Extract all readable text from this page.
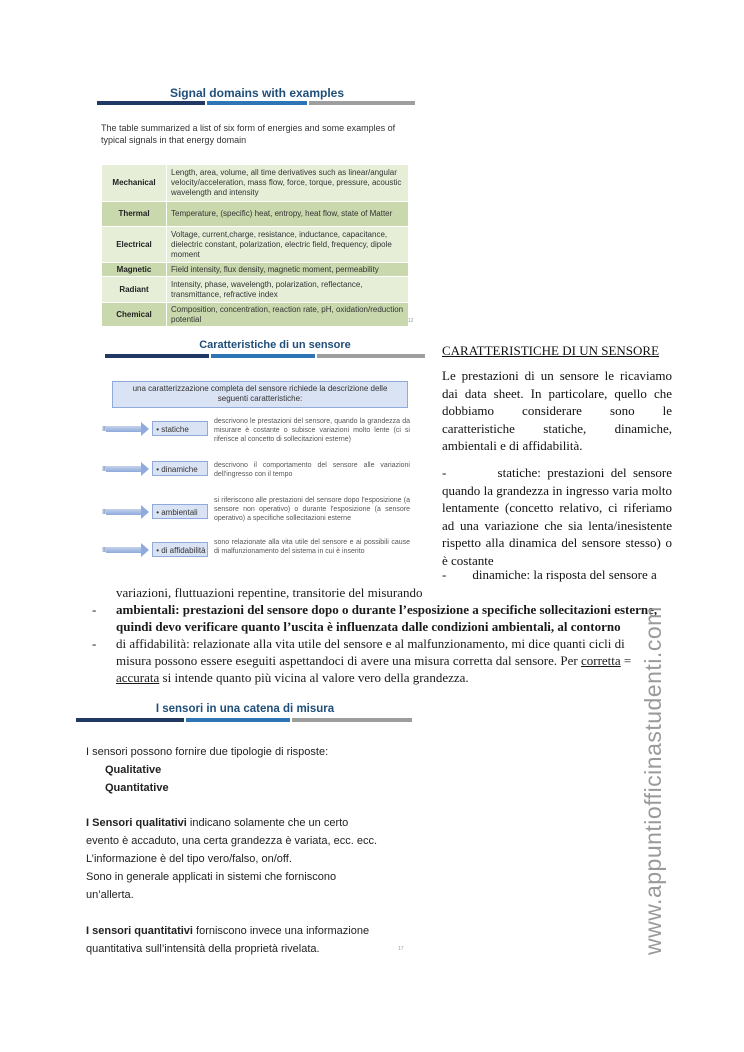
Signal domains with examples
The table summarized a list of six form of energies and some examples of typical signals in that energy domain
Mechanical	Length, area, volume, all time derivatives such as linear/angular velocity/acceleration, mass flow, force, torque, pressure, acoustic wavelength and intensity
Thermal	Temperature, (specific) heat, entropy, heat flow, state of Matter
Electrical	Voltage, current,charge, resistance, inductance, capacitance, dielectric constant, polarization, electric field, frequency, dipole moment
Magnetic	Field intensity, flux density, magnetic moment, permeability
Radiant	Intensity, phase, wavelength, polarization, reflectance, transmittance, refractive index
Chemical	Composition, concentration, reaction rate, pH, oxidation/reduction potential	12
Caratteristiche di un sensore
una caratterizzazione completa del sensore richiede la descrizione delle seguenti caratteristiche:
III	• statiche
descrivono le prestazioni del sensore, quando la grandezza da misurare è costante o subisce variazioni molto lente (ci si riferisce al concetto di sollecitazioni esterne)
III	• dinamiche	descrivono il comportamento del sensore alle variazioni dell'ingresso con il tempo
III	• ambientali
si riferiscono alle prestazioni del sensore dopo l'esposizione (a sensore non operativo) o durante l'esposizione (a sensore operativo) a specifiche sollecitazioni esterne
III	• di affidabilità
sono relazionate alla vita utile del sensore e ai possibili cause di malfunzionamento del sistema in cui è inserito
CARATTERISTICHE DI UN SENSORE
Le prestazioni di un sensore le ricaviamo dai data sheet. In particolare, quello che dobbiamo considerare sono le caratteristiche statiche, dinamiche, ambientali e di affidabilità.
-        statiche: prestazioni del sensore quando la grandezza in ingresso varia molto lentamente (concetto relativo, ci riferiamo ad una variazione che sia lenta/inesistente rispetto alla dinamica del sensore stesso) o è costante
-        dinamiche: la risposta del sensore a
variazioni, fluttuazioni repentine, transitorie del misurando
- ambientali: prestazioni del sensore dopo o durante l’esposizione a specifiche sollecitazioni esterne,
quindi devo verificare quanto l’uscita è influenzata dalle condizioni ambientali, al contorno
- di affidabilità: relazionate alla vita utile del sensore e al malfunzionamento, mi dice quanti cicli di
misura possono essere eseguiti aspettandoci di avere una misura corretta dal sensore. Per corretta =
accurata si intende quanto più vicina al valore vero della grandezza.
I sensori in una catena di misura
I sensori possono fornire due tipologie di risposte:
Qualitative
Quantitative
I Sensori qualitativi indicano solamente che un certo
evento è accaduto, una certa grandezza è variata, ecc. ecc.
L’informazione è del tipo vero/falso, on/off.
Sono in generale applicati in sistemi che forniscono
un’allerta.
I sensori quantitativi forniscono invece una informazione
quantitativa sull’intensità della proprietà rivelata.	17	www.appuntiofficinastudenti.com
